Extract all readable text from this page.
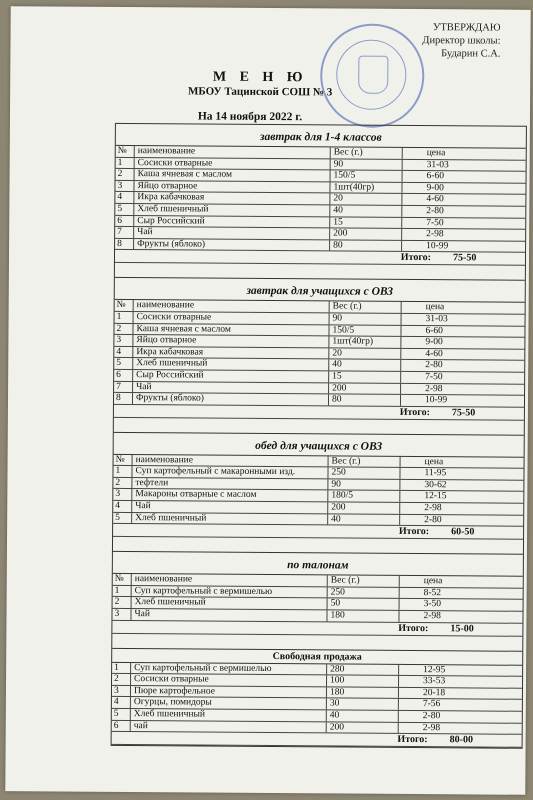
УТВЕРЖДАЮ
Директор школы:
Бударин С.А.
М Е Н Ю
МБОУ Тацинской СОШ № 3
На 14 ноября 2022 г.
завтрак для 1-4 классов
№	наименование	Вес (г.)	цена
1	Сосиски отварные	90	31-03
2	Каша ячневая с маслом	150/5	6-60
3	Яйцо отварное	1шт(40гр)	9-00
4	Икра кабачковая	20	4-60
5	Хлеб пшеничный	40	2-80
6	Сыр Российский	15	7-50
7	Чай	200	2-98
8	Фрукты (яблоко)	80	10-99
Итого:	75-50
завтрак для учащихся с ОВЗ
№	наименование	Вес (г.)	цена
1	Сосиски отварные	90	31-03
2	Каша ячневая с маслом	150/5	6-60
3	Яйцо отварное	1шт(40гр)	9-00
4	Икра кабачковая	20	4-60
5	Хлеб пшеничный	40	2-80
6	Сыр Российский	15	7-50
7	Чай	200	2-98
8	Фрукты (яблоко)	80	10-99
Итого:	75-50
обед для учащихся с ОВЗ
№	наименование	Вес (г.)	цена
1	Суп картофельный с макаронными изд.	250	11-95
2	тефтели	90	30-62
3	Макароны отварные с маслом	180/5	12-15
4	Чай	200	2-98
5	Хлеб пшеничный	40	2-80
Итого:	60-50
по талонам
№	наименование	Вес (г.)	цена
1	Суп картофельный с вермишелью	250	8-52
2	Хлеб пшеничный	50	3-50
3	Чай	180	2-98
Итого:	15-00
Свободная продажа
1	Суп картофельный с вермишелью	280	12-95
2	Сосиски отварные	100	33-53
3	Пюре картофельное	180	20-18
4	Огурцы, помидоры	30	7-56
5	Хлеб пшеничный	40	2-80
6	чай	200	2-98
Итого:	80-00
